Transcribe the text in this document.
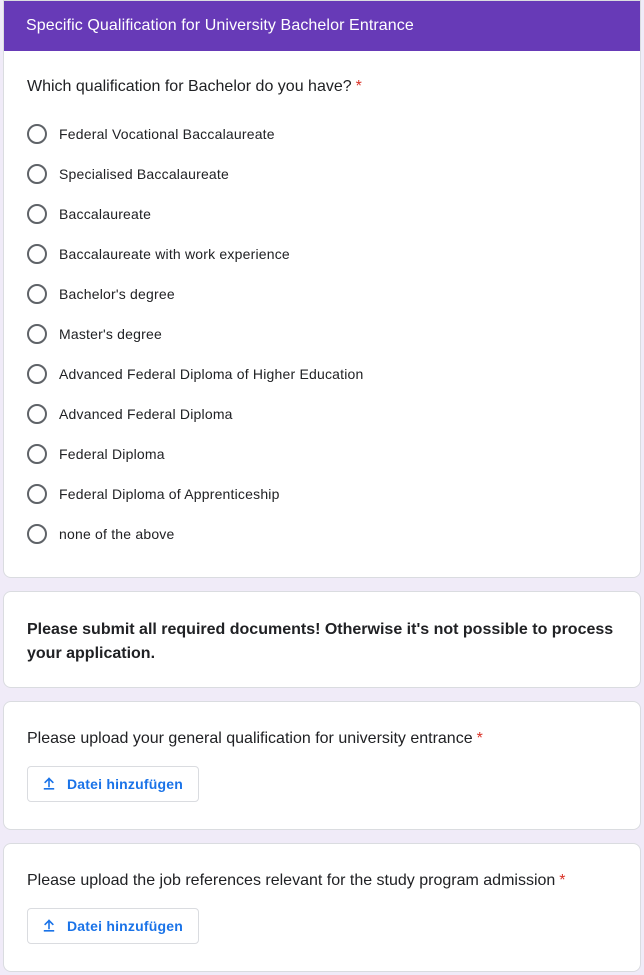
Specific Qualification for University Bachelor Entrance
Which qualification for Bachelor do you have? *
Federal Vocational Baccalaureate
Specialised Baccalaureate
Baccalaureate
Baccalaureate with work experience
Bachelor's degree
Master's degree
Advanced Federal Diploma of Higher Education
Advanced Federal Diploma
Federal Diploma
Federal Diploma of Apprenticeship
none of the above
Please submit all required documents! Otherwise it's not possible to process your application.
Please upload your general qualification for university entrance *
Datei hinzufügen
Please upload the job references relevant for the study program admission *
Datei hinzufügen
